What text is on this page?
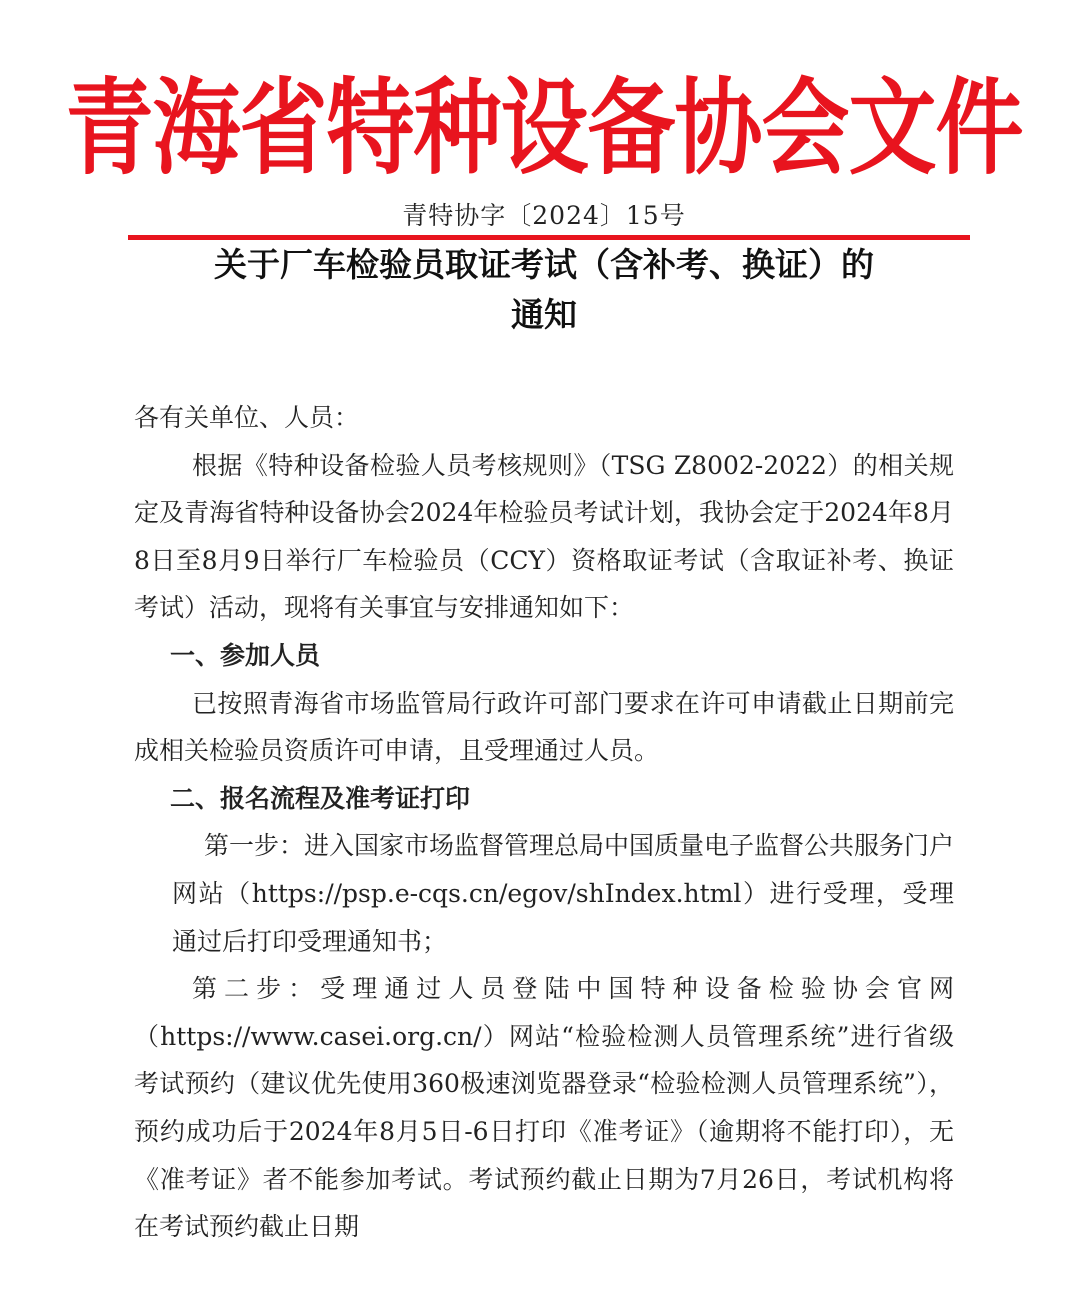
青海省特种设备协会文件
青特协字〔2024〕15号
关于厂车检验员取证考试（含补考、换证）的
通知

各有关单位、人员：

根据《特种设备检验人员考核规则》（TSG Z8002-2022）的相关规定及青海省特种设备协会2024年检验员考试计划，我协会定于2024年8月8日至8月9日举行厂车检验员（CCY）资格取证考试（含取证补考、换证考试）活动，现将有关事宜与安排通知如下：

一、参加人员

已按照青海省市场监管局行政许可部门要求在许可申请截止日期前完成相关检验员资质许可申请，且受理通过人员。

二、报名流程及准考证打印

第一步：进入国家市场监督管理总局中国质量电子监督公共服务门户网站（https://psp.e-cqs.cn/egov/shIndex.html）进行受理，受理通过后打印受理通知书；

第二步：受理通过人员登陆中国特种设备检验协会官网（https://www.casei.org.cn/）网站“检验检测人员管理系统”进行省级考试预约（建议优先使用360极速浏览器登录“检验检测人员管理系统”），预约成功后于2024年8月5日-6日打印《准考证》（逾期将不能打印），无《准考证》者不能参加考试。考试预约截止日期为7月26日，考试机构将在考试预约截止日期
